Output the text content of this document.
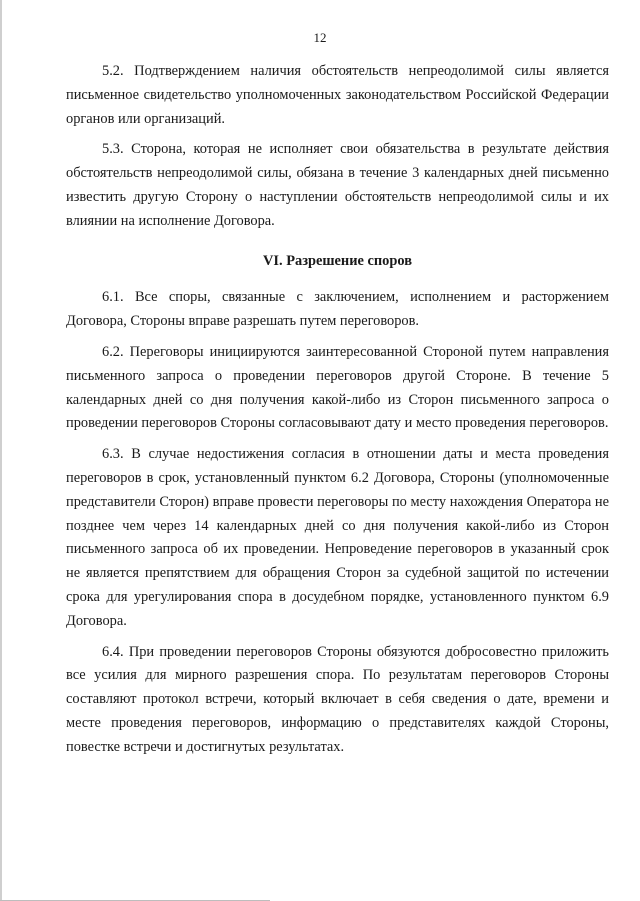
12

5.2. Подтверждением наличия обстоятельств непреодолимой силы является письменное свидетельство уполномоченных законодательством Российской Федерации органов или организаций.

5.3. Сторона, которая не исполняет свои обязательства в результате действия обстоятельств непреодолимой силы, обязана в течение 3 календарных дней письменно известить другую Сторону о наступлении обстоятельств непреодолимой силы и их влиянии на исполнение Договора.

VI. Разрешение споров

6.1. Все споры, связанные с заключением, исполнением и расторжением Договора, Стороны вправе разрешать путем переговоров.

6.2. Переговоры инициируются заинтересованной Стороной путем направления письменного запроса о проведении переговоров другой Стороне. В течение 5 календарных дней со дня получения какой-либо из Сторон письменного запроса о проведении переговоров Стороны согласовывают дату и место проведения переговоров.

6.3. В случае недостижения согласия в отношении даты и места проведения переговоров в срок, установленный пунктом 6.2 Договора, Стороны (уполномоченные представители Сторон) вправе провести переговоры по месту нахождения Оператора не позднее чем через 14 календарных дней со дня получения какой-либо из Сторон письменного запроса об их проведении. Непроведение переговоров в указанный срок не является препятствием для обращения Сторон за судебной защитой по истечении срока для урегулирования спора в досудебном порядке, установленного пунктом 6.9 Договора.

6.4. При проведении переговоров Стороны обязуются добросовестно приложить все усилия для мирного разрешения спора. По результатам переговоров Стороны составляют протокол встречи, который включает в себя сведения о дате, времени и месте проведения переговоров, информацию о представителях каждой Стороны, повестке встречи и достигнутых результатах.
